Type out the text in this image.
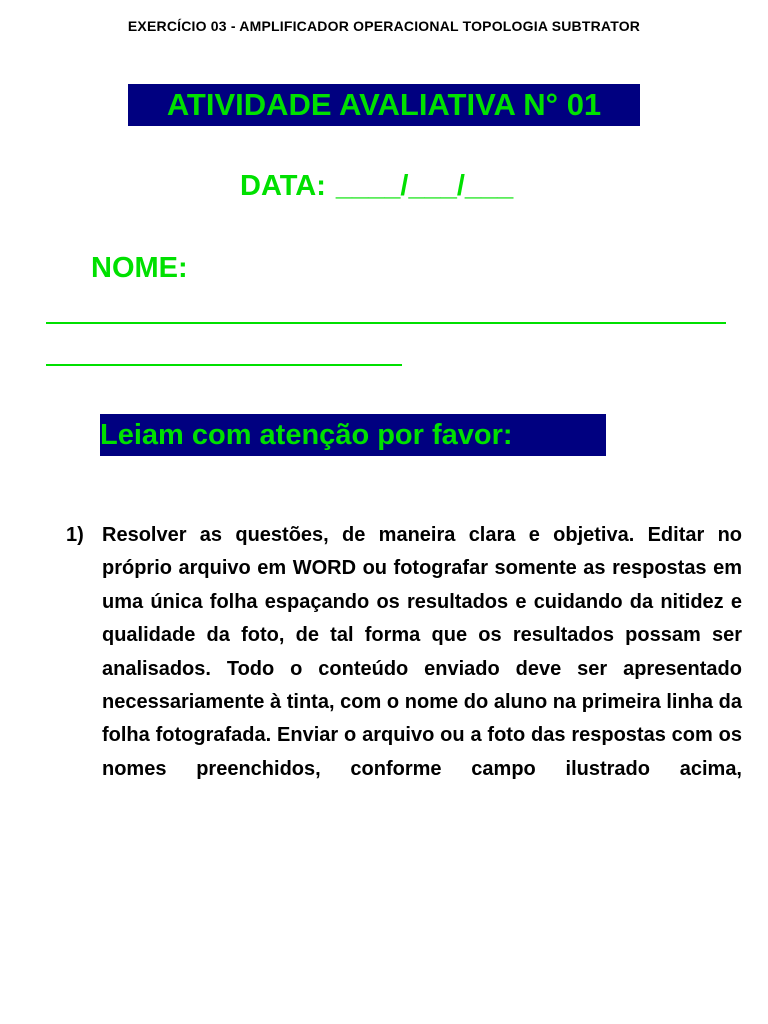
EXERCÍCIO 03 - AMPLIFICADOR OPERACIONAL TOPOLOGIA SUBTRATOR
ATIVIDADE AVALIATIVA N° 01
DATA: ____/___/___
NOME:
Leiam com atenção por favor:
1) Resolver as questões, de maneira clara e objetiva. Editar no próprio arquivo em WORD ou fotografar somente as respostas em uma única folha espaçando os resultados e cuidando da nitidez e qualidade da foto, de tal forma que os resultados possam ser analisados. Todo o conteúdo enviado deve ser apresentado necessariamente à tinta, com o nome do aluno na primeira linha da folha fotografada. Enviar o arquivo ou a foto das respostas com os nomes preenchidos, conforme campo ilustrado acima,
